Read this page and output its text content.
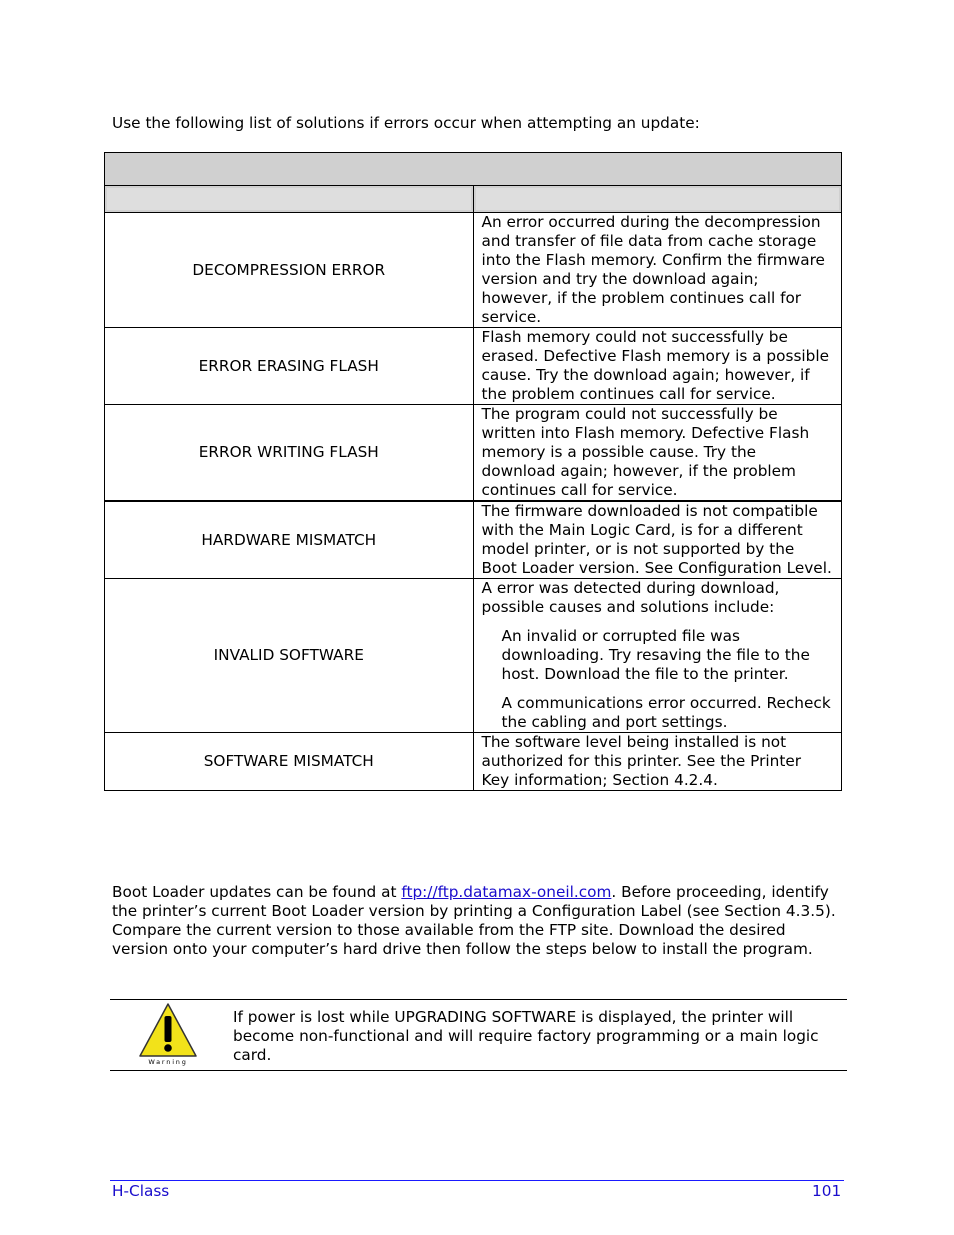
Use the following list of solutions if errors occur when attempting an update:

DECOMPRESSION ERROR	An error occurred during the decompression and transfer of file data from cache storage into the Flash memory. Confirm the firmware version and try the download again; however, if the problem continues call for service.
ERROR ERASING FLASH	Flash memory could not successfully be erased. Defective Flash memory is a possible cause. Try the download again; however, if the problem continues call for service.
ERROR WRITING FLASH	The program could not successfully be written into Flash memory. Defective Flash memory is a possible cause. Try the download again; however, if the problem continues call for service.
HARDWARE MISMATCH	The firmware downloaded is not compatible with the Main Logic Card, is for a different model printer, or is not supported by the Boot Loader version. See Configuration Level.
INVALID SOFTWARE	A error was detected during download, possible causes and solutions include:
An invalid or corrupted file was downloading. Try resaving the file to the host. Download the file to the printer.
A communications error occurred. Recheck the cabling and port settings.

SOFTWARE MISMATCH	The software level being installed is not authorized for this printer. See the Printer Key information; Section 4.2.4.
Boot Loader updates can be found at ftp://ftp.datamax-oneil.com. Before proceeding, identify the printer’s current Boot Loader version by printing a Configuration Label (see Section 4.3.5). Compare the current version to those available from the FTP site. Download the desired version onto your computer’s hard drive then follow the steps below to install the program.
Warning
If power is lost while UPGRADING SOFTWARE is displayed, the printer will become non-functional and will require factory programming or a main logic card.
H-Class	101
